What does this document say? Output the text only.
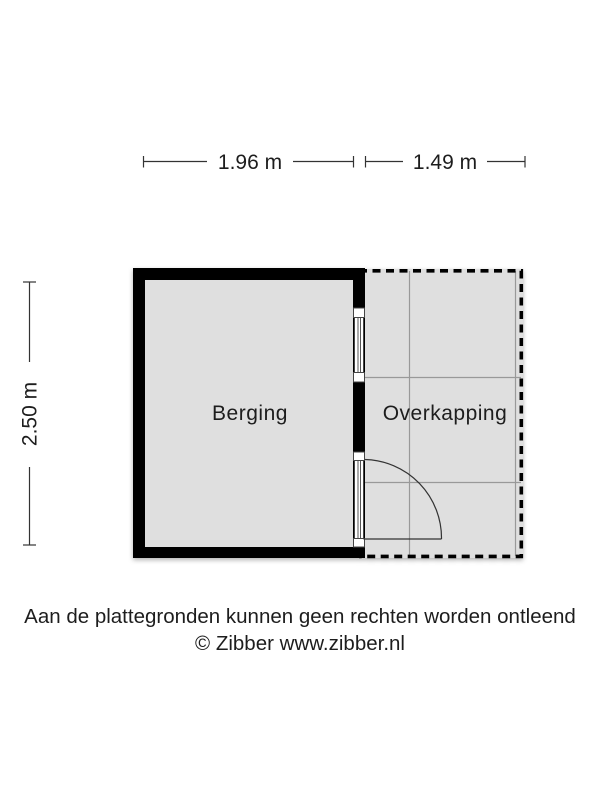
1.96 m	1.49 m
2.50 m	Berging	Overkapping
Aan de plattegronden kunnen geen rechten worden ontleend
© Zibber www.zibber.nl
